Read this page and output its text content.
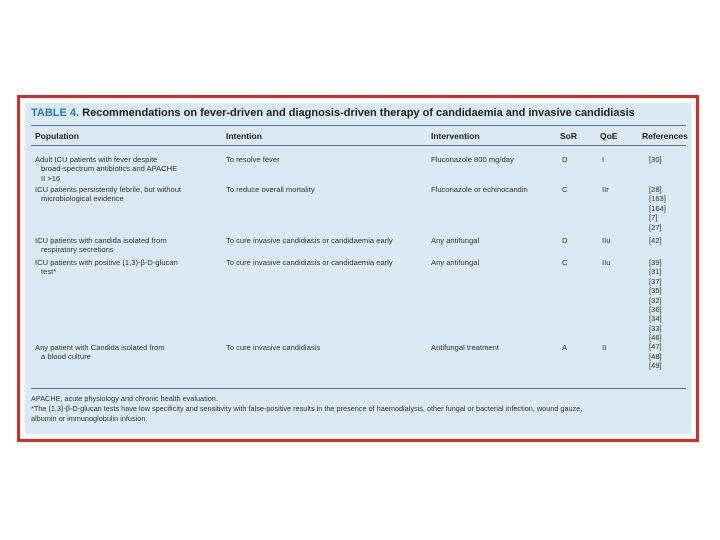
TABLE 4. Recommendations on fever-driven and diagnosis-driven therapy of candidaemia and invasive candidiasis
Population	Intention	Intervention	SoR	QoE	References
Adult ICU patients with fever despite
broad-spectrum antibiotics and APACHE
II >16
To resolve fever	Fluconazole 800 mg/day	D	I	[30]
ICU patients persistently febrile, but without
microbiological evidence
To reduce overall mortality	Fluconazole or echinocandin	C	IIr	[28]
[163]
[164]
[7]
[27]
ICU patients with candida isolated from
respiratory secretions
To cure invasive candidiasis or candidaemia early	Any antifungal	D	IIu	[42]
ICU patients with positive (1,3)-β-D-glucan
test*
To cure invasive candidiasis or candidaemia early	Any antifungal	C	IIu	[39]
[31]
[37]
[35]
[32]
[36]
[34]
[33]
Any patient with Candida isolated from
a blood culture
To cure invasive candidiasis	Antifungal treatment	A	II
[46]
[47]
[48]
[49]
APACHE, acute physiology and chronic health evaluation.
*The (1,3)-β-D-glucan tests have low specificity and sensitivity with false-positive results in the presence of haemodialysis, other fungal or bacterial infection, wound gauze,
albumin or immunoglobulin infusion.
